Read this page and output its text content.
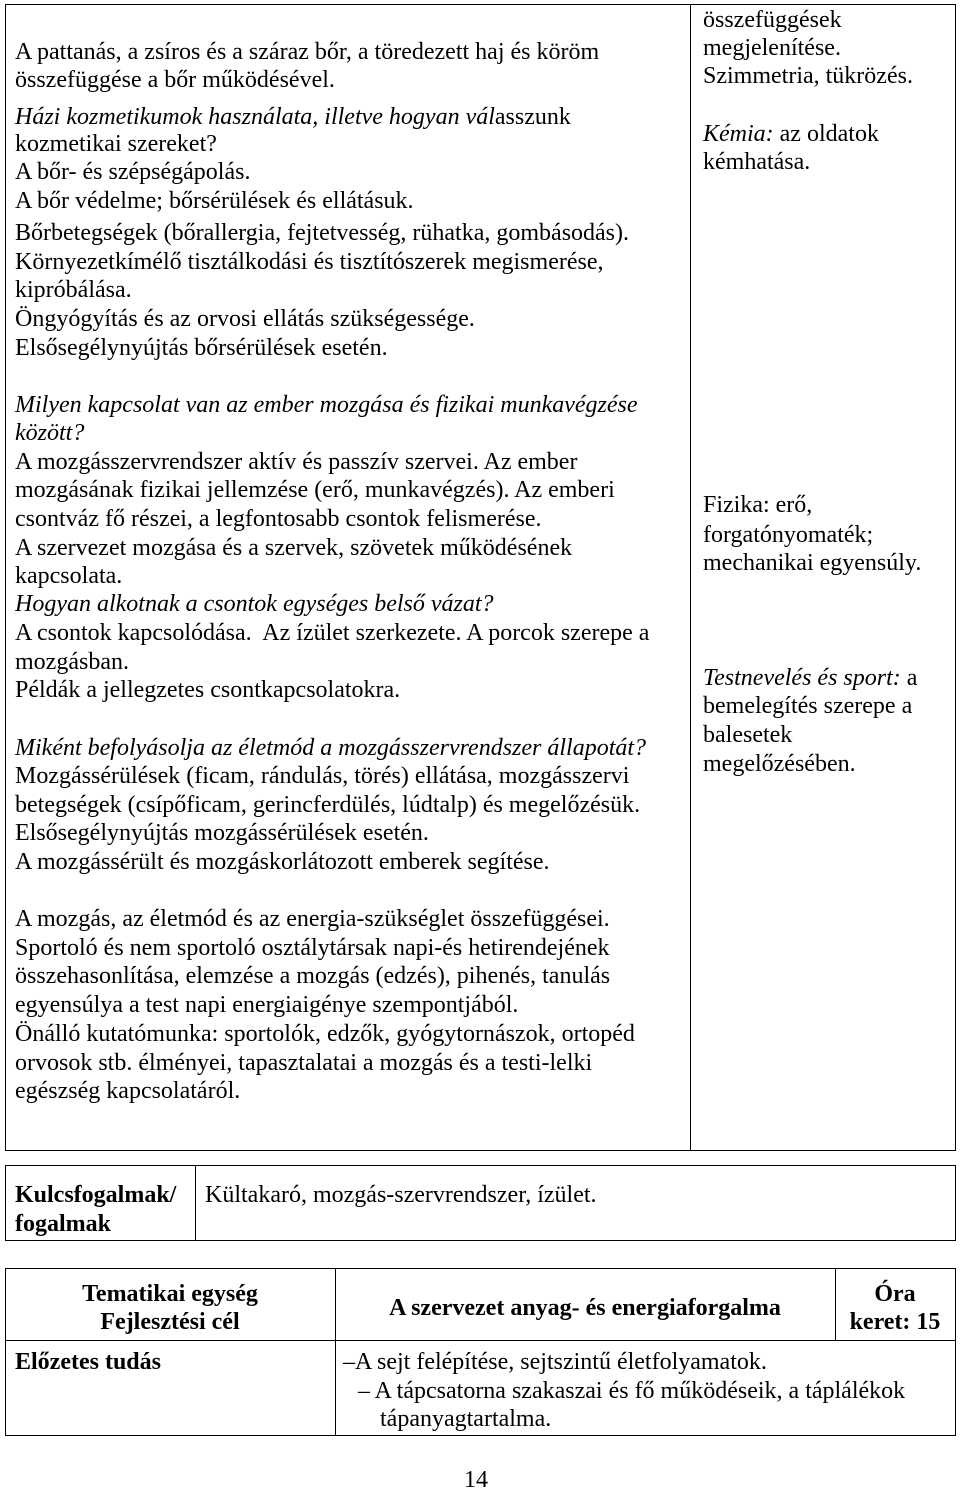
A pattanás, a zsíros és a száraz bőr, a töredezett haj és köröm
összefüggése a bőr működésével.
Házi kozmetikumok használata, illetve hogyan válasszunk
kozmetikai szereket?
A bőr- és szépségápolás.
A bőr védelme; bőrsérülések és ellátásuk.
Bőrbetegségek (bőrallergia, fejtetvesség, rühatka, gombásodás).
Környezetkímélő tisztálkodási és tisztítószerek megismerése,
kipróbálása.
Öngyógyítás és az orvosi ellátás szükségessége.
Elsősegélynyújtás bőrsérülések esetén.
Milyen kapcsolat van az ember mozgása és fizikai munkavégzése
között?
A mozgásszervrendszer aktív és passzív szervei. Az ember
mozgásának fizikai jellemzése (erő, munkavégzés). Az emberi
csontváz fő részei, a legfontosabb csontok felismerése.
A szervezet mozgása és a szervek, szövetek működésének
kapcsolata.
Hogyan alkotnak a csontok egységes belső vázat?
A csontok kapcsolódása.  Az ízület szerkezete. A porcok szerepe a
mozgásban.
Példák a jellegzetes csontkapcsolatokra.
Miként befolyásolja az életmód a mozgásszervrendszer állapotát?
Mozgássérülések (ficam, rándulás, törés) ellátása, mozgásszervi
betegségek (csípőficam, gerincferdülés, lúdtalp) és megelőzésük.
Elsősegélynyújtás mozgássérülések esetén.
A mozgássérült és mozgáskorlátozott emberek segítése.
A mozgás, az életmód és az energia-szükséglet összefüggései.
Sportoló és nem sportoló osztálytársak napi-és hetirendejének
összehasonlítása, elemzése a mozgás (edzés), pihenés, tanulás
egyensúlya a test napi energiaigénye szempontjából.
Önálló kutatómunka: sportolók, edzők, gyógytornászok, ortopéd
orvosok stb. élményei, tapasztalatai a mozgás és a testi-lelki
egészség kapcsolatáról.
összefüggések
megjelenítése.
Szimmetria, tükrözés.
Kémia: az oldatok
kémhatása.
Fizika: erő,
forgatónyomaték;
mechanikai egyensúly.
Testnevelés és sport: a
bemelegítés szerepe a
balesetek
megelőzésében.
Kulcsfogalmak/
fogalmak
Kültakaró, mozgás-szervrendszer, ízület.
Tematikai egység
Fejlesztési cél
A szervezet anyag- és energiaforgalma
Óra
keret: 15
Előzetes tudás	–A sejt felépítése, sejtszintű életfolyamatok.
– A tápcsatorna szakaszai és fő működéseik, a táplálékok
tápanyagtartalma.
14
